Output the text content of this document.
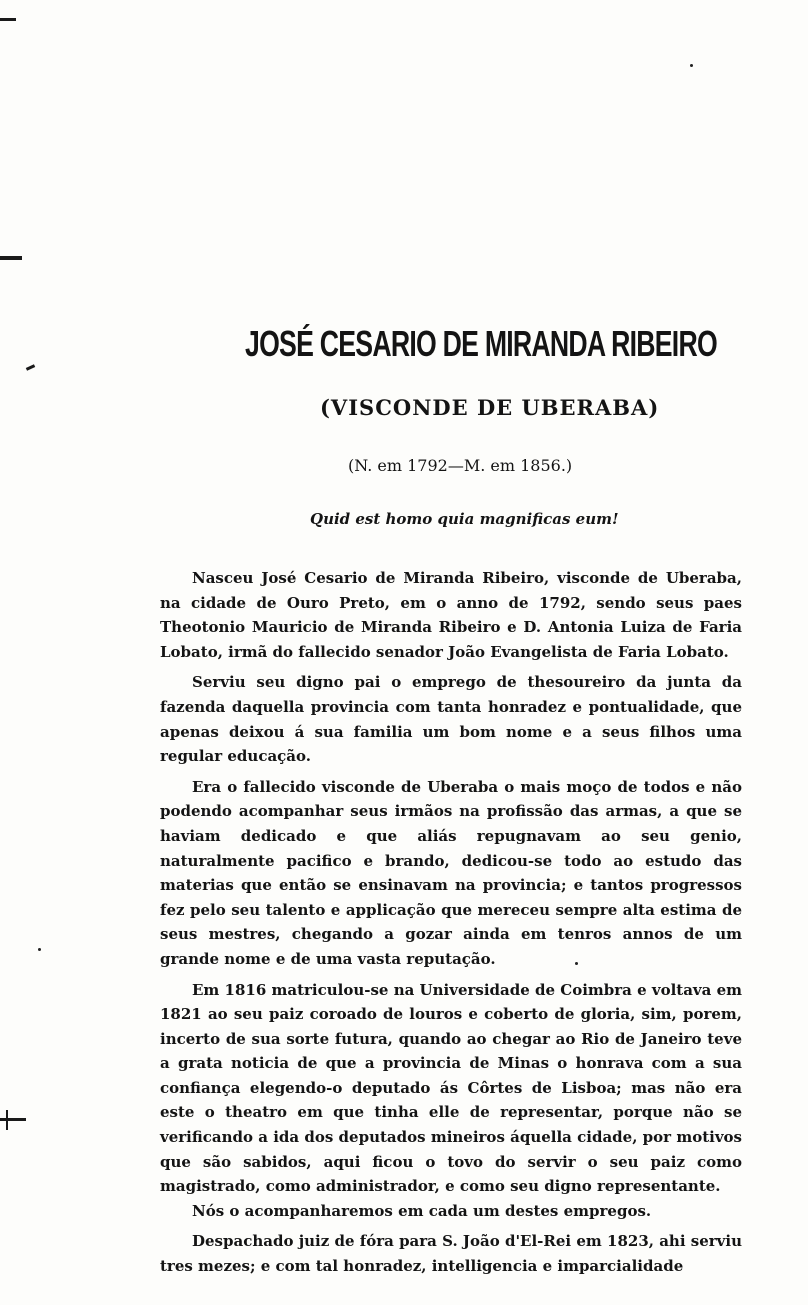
JOSÉ CESARIO DE MIRANDA RIBEIRO
(VISCONDE DE UBERABA)
(N. em 1792—M. em 1856.)
Quid est homo quia magnificas eum!

Nasceu José Cesario de Miranda Ribeiro, visconde de Uberaba, na cidade de Ouro Preto, em o anno de 1792, sendo seus paes Theotonio Mauricio de Miranda Ribeiro e D. Antonia Luiza de Faria Lobato, irmã do fallecido senador João Evangelista de Faria Lobato.

Serviu seu digno pai o emprego de thesoureiro da junta da fazenda daquella provincia com tanta honradez e pontualidade, que apenas deixou á sua familia um bom nome e a seus filhos uma regular educação.

Era o fallecido visconde de Uberaba o mais moço de todos e não podendo acompanhar seus irmãos na profissão das armas, a que se haviam dedicado e que aliás repugnavam ao seu genio, naturalmente pacifico e brando, dedicou-se todo ao estudo das materias que então se ensinavam na provincia; e tantos progressos fez pelo seu talento e applicação que mereceu sempre alta estima de seus mestres, chegando a gozar ainda em tenros annos de um grande nome e de uma vasta reputação.

Em 1816 matriculou-se na Universidade de Coimbra e voltava em 1821 ao seu paiz coroado de louros e coberto de gloria, sim, porem, incerto de sua sorte futura, quando ao chegar ao Rio de Janeiro teve a grata noticia de que a provincia de Minas o honrava com a sua confiança elegendo-o deputado ás Côrtes de Lisboa; mas não era este o theatro em que tinha elle de representar, porque não se verificando a ida dos deputados mineiros áquella cidade, por motivos que são sabidos, aqui ficou o tovo do servir o seu paiz como magistrado, como administrador, e como seu digno representante.

Nós o acompanharemos em cada um destes empregos.

Despachado juiz de fóra para S. João d'El-Rei em 1823, ahi serviu tres mezes; e com tal honradez, intelligencia e imparcialidade
